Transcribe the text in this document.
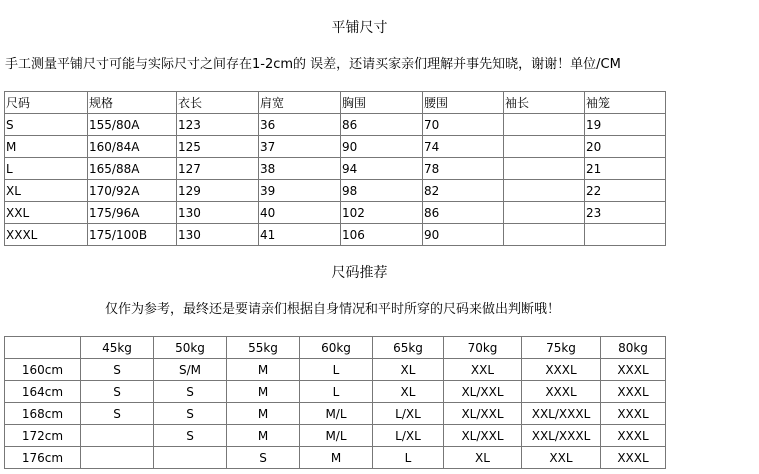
平铺尺寸
手工测量平铺尺寸可能与实际尺寸之间存在1-2cm的 误差，还请买家亲们理解并事先知晓，谢谢！单位/CM
尺码	规格	衣长	肩宽	胸围	腰围	袖长	袖笼
S	155/80A	123	36	86	70		19
M	160/84A	125	37	90	74		20
L	165/88A	127	38	94	78		21
XL	170/92A	129	39	98	82		22
XXL	175/96A	130	40	102	86		23
XXXL	175/100B	130	41	106	90		
尺码推荐
仅作为参考，最终还是要请亲们根据自身情况和平时所穿的尺码来做出判断哦！
	45kg	50kg	55kg	60kg	65kg	70kg	75kg	80kg
160cm	S	S/M	M	L	XL	XXL	XXXL	XXXL
164cm	S	S	M	L	XL	XL/XXL	XXXL	XXXL
168cm	S	S	M	M/L	L/XL	XL/XXL	XXL/XXXL	XXXL
172cm		S	M	M/L	L/XL	XL/XXL	XXL/XXXL	XXXL
176cm			S	M	L	XL	XXL	XXXL
